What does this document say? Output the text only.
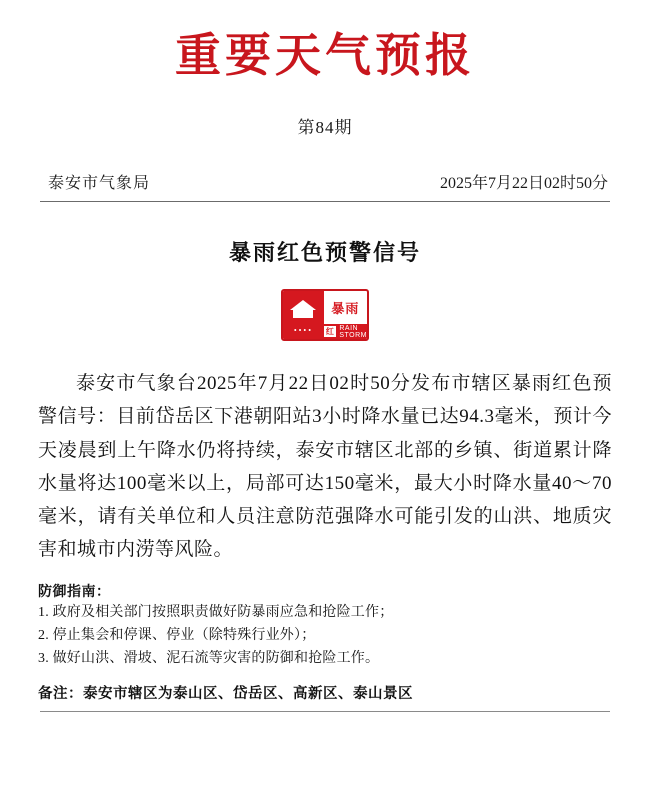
重要天气预报
第84期
泰安市气象局	2025年7月22日02时50分
暴雨红色预警信号
••••
暴雨
红 RAIN STORM
泰安市气象台2025年7月22日02时50分发布市辖区暴雨红色预警信号：目前岱岳区下港朝阳站3小时降水量已达94.3毫米，预计今天凌晨到上午降水仍将持续，泰安市辖区北部的乡镇、街道累计降水量将达100毫米以上，局部可达150毫米，最大小时降水量40～70毫米，请有关单位和人员注意防范强降水可能引发的山洪、地质灾害和城市内涝等风险。
防御指南：
1. 政府及相关部门按照职责做好防暴雨应急和抢险工作；
2. 停止集会和停课、停业（除特殊行业外）；
3. 做好山洪、滑坡、泥石流等灾害的防御和抢险工作。
备注：泰安市辖区为泰山区、岱岳区、高新区、泰山景区
